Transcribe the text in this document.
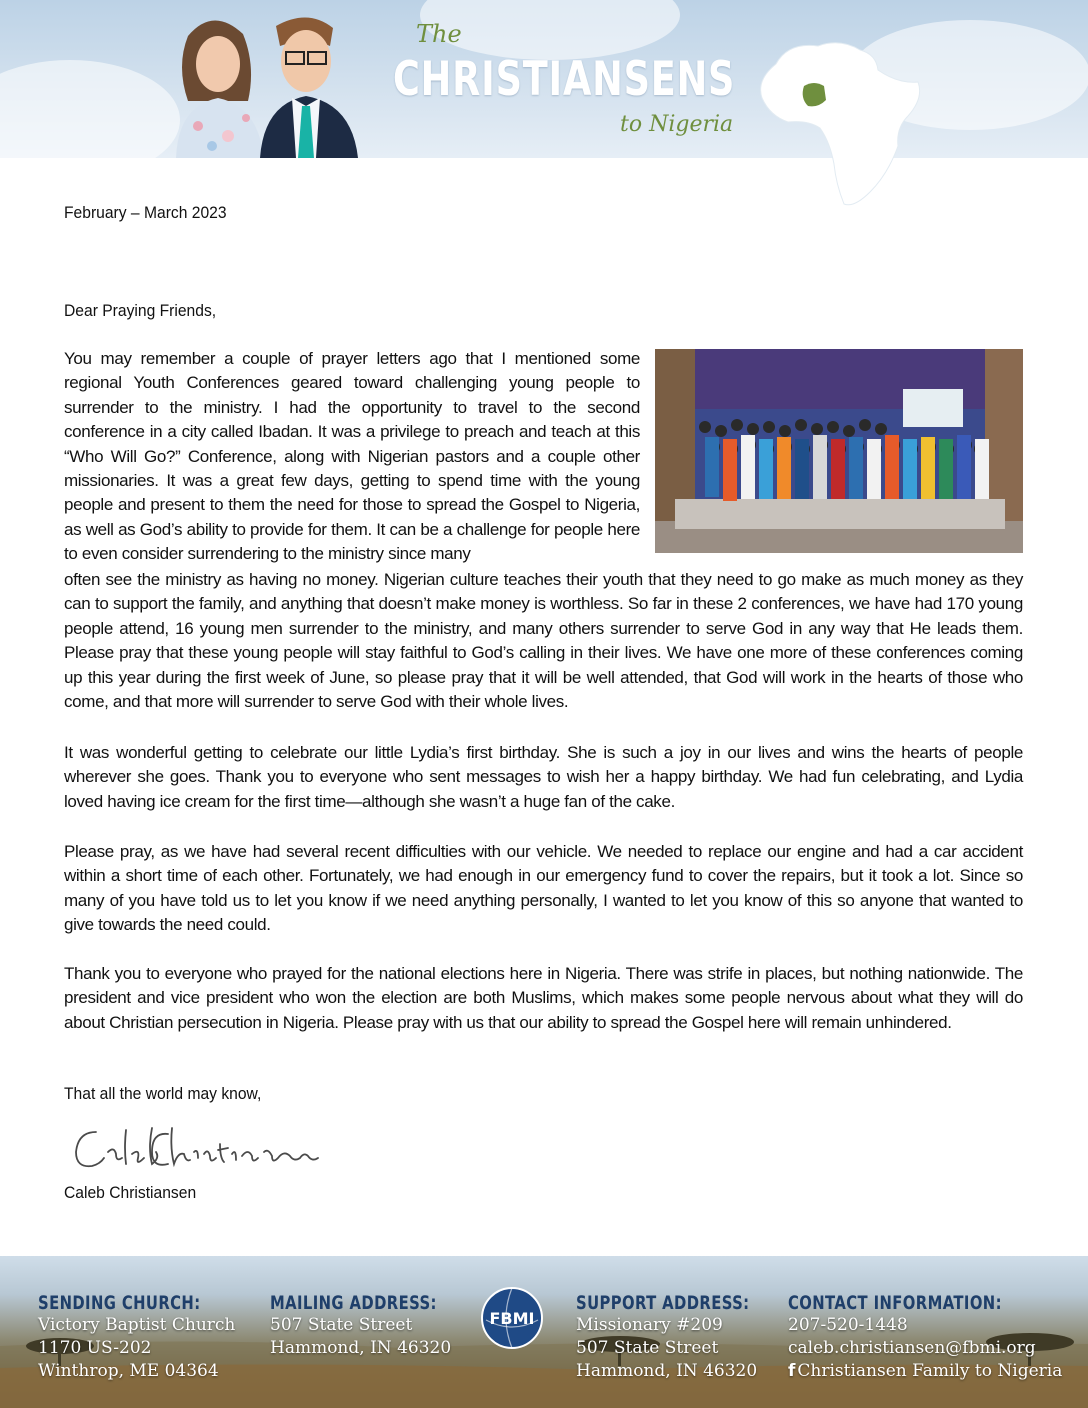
The
CHRISTIANSENS
to Nigeria
February – March 2023
Dear Praying Friends,
You may remember a couple of prayer letters ago that I mentioned some regional Youth Conferences geared toward challenging young people to surrender to the ministry. I had the opportunity to travel to the second conference in a city called Ibadan. It was a privilege to preach and teach at this “Who Will Go?” Conference, along with Nigerian pastors and a couple other missionaries. It was a great few days, getting to spend time with the young people and present to them the need for those to spread the Gospel to Nigeria, as well as God’s ability to provide for them. It can be a challenge for people here to even consider surrendering to the ministry since many
often see the ministry as having no money. Nigerian culture teaches their youth that they need to go make as much money as they can to support the family, and anything that doesn’t make money is worthless. So far in these 2 conferences, we have had 170 young people attend, 16 young men surrender to the ministry, and many others surrender to serve God in any way that He leads them. Please pray that these young people will stay faithful to God’s calling in their lives. We have one more of these conferences coming up this year during the first week of June, so please pray that it will be well attended, that God will work in the hearts of those who come, and that more will surrender to serve God with their whole lives.
It was wonderful getting to celebrate our little Lydia’s first birthday. She is such a joy in our lives and wins the hearts of people wherever she goes. Thank you to everyone who sent messages to wish her a happy birthday. We had fun celebrating, and Lydia loved having ice cream for the first time—although she wasn’t a huge fan of the cake.
Please pray, as we have had several recent difficulties with our vehicle. We needed to replace our engine and had a car accident within a short time of each other. Fortunately, we had enough in our emergency fund to cover the repairs, but it took a lot. Since so many of you have told us to let you know if we need anything personally, I wanted to let you know of this so anyone that wanted to give towards the need could.
Thank you to everyone who prayed for the national elections here in Nigeria. There was strife in places, but nothing nationwide. The president and vice president who won the election are both Muslims, which makes some people nervous about what they will do about Christian persecution in Nigeria. Please pray with us that our ability to spread the Gospel here will remain unhindered.
That all the world may know,
Caleb Christiansen
SENDING CHURCH:
Victory Baptist Church
1170 US-202
Winthrop, ME 04364
MAILING ADDRESS:
507 State Street
Hammond, IN 46320
FBMI
SUPPORT ADDRESS:
Missionary #209
507 State Street
Hammond, IN 46320
CONTACT INFORMATION:
207-520-1448
caleb.christiansen@fbmi.org
f Christiansen Family to Nigeria
